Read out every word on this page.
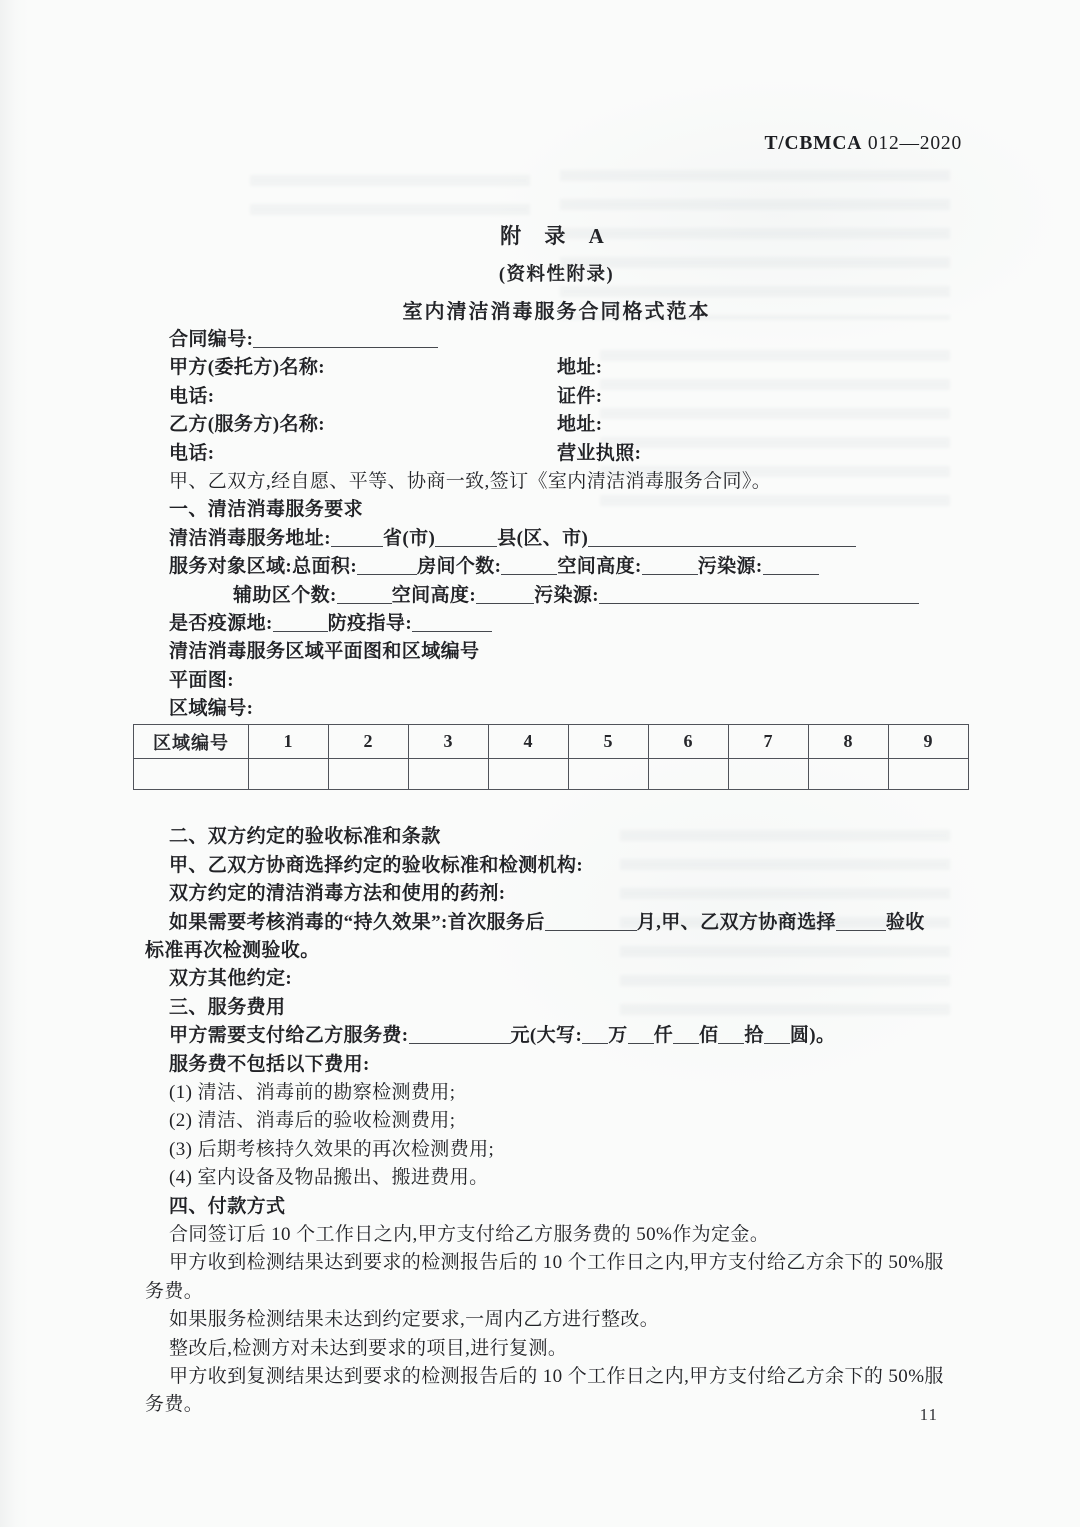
T/CBMCA 012—2020
附 录 A
(资料性附录)
室内清洁消毒服务合同格式范本
合同编号:
甲方(委托方)名称:	地址:
电话:	证件:
乙方(服务方)名称:	地址:
电话:	营业执照:
甲、乙双方,经自愿、平等、协商一致,签订《室内清洁消毒服务合同》。
一、清洁消毒服务要求
清洁消毒服务地址:	省(市)	县(区、市)
服务对象区域:总面积:	房间个数:	空间高度:	污染源:
辅助区个数:	空间高度:	污染源:
是否疫源地:	防疫指导:
清洁消毒服务区域平面图和区域编号
平面图:
区域编号:
区域编号	1	2	3	4	5	6	7	8	9

二、双方约定的验收标准和条款
甲、乙双方协商选择约定的验收标准和检测机构:
双方约定的清洁消毒方法和使用的药剂:
如果需要考核消毒的“持久效果”:首次服务后	月,甲、乙双方协商选择	验收
标准再次检测验收。
双方其他约定:
三、服务费用
甲方需要支付给乙方服务费:	元(大写: 万 仟 佰 拾 圆)。
服务费不包括以下费用:
(1) 清洁、消毒前的勘察检测费用;
(2) 清洁、消毒后的验收检测费用;
(3) 后期考核持久效果的再次检测费用;
(4) 室内设备及物品搬出、搬进费用。
四、付款方式
合同签订后 10 个工作日之内,甲方支付给乙方服务费的 50%作为定金。
甲方收到检测结果达到要求的检测报告后的 10 个工作日之内,甲方支付给乙方余下的 50%服
务费。
如果服务检测结果未达到约定要求,一周内乙方进行整改。
整改后,检测方对未达到要求的项目,进行复测。
甲方收到复测结果达到要求的检测报告后的 10 个工作日之内,甲方支付给乙方余下的 50%服
务费。	11
